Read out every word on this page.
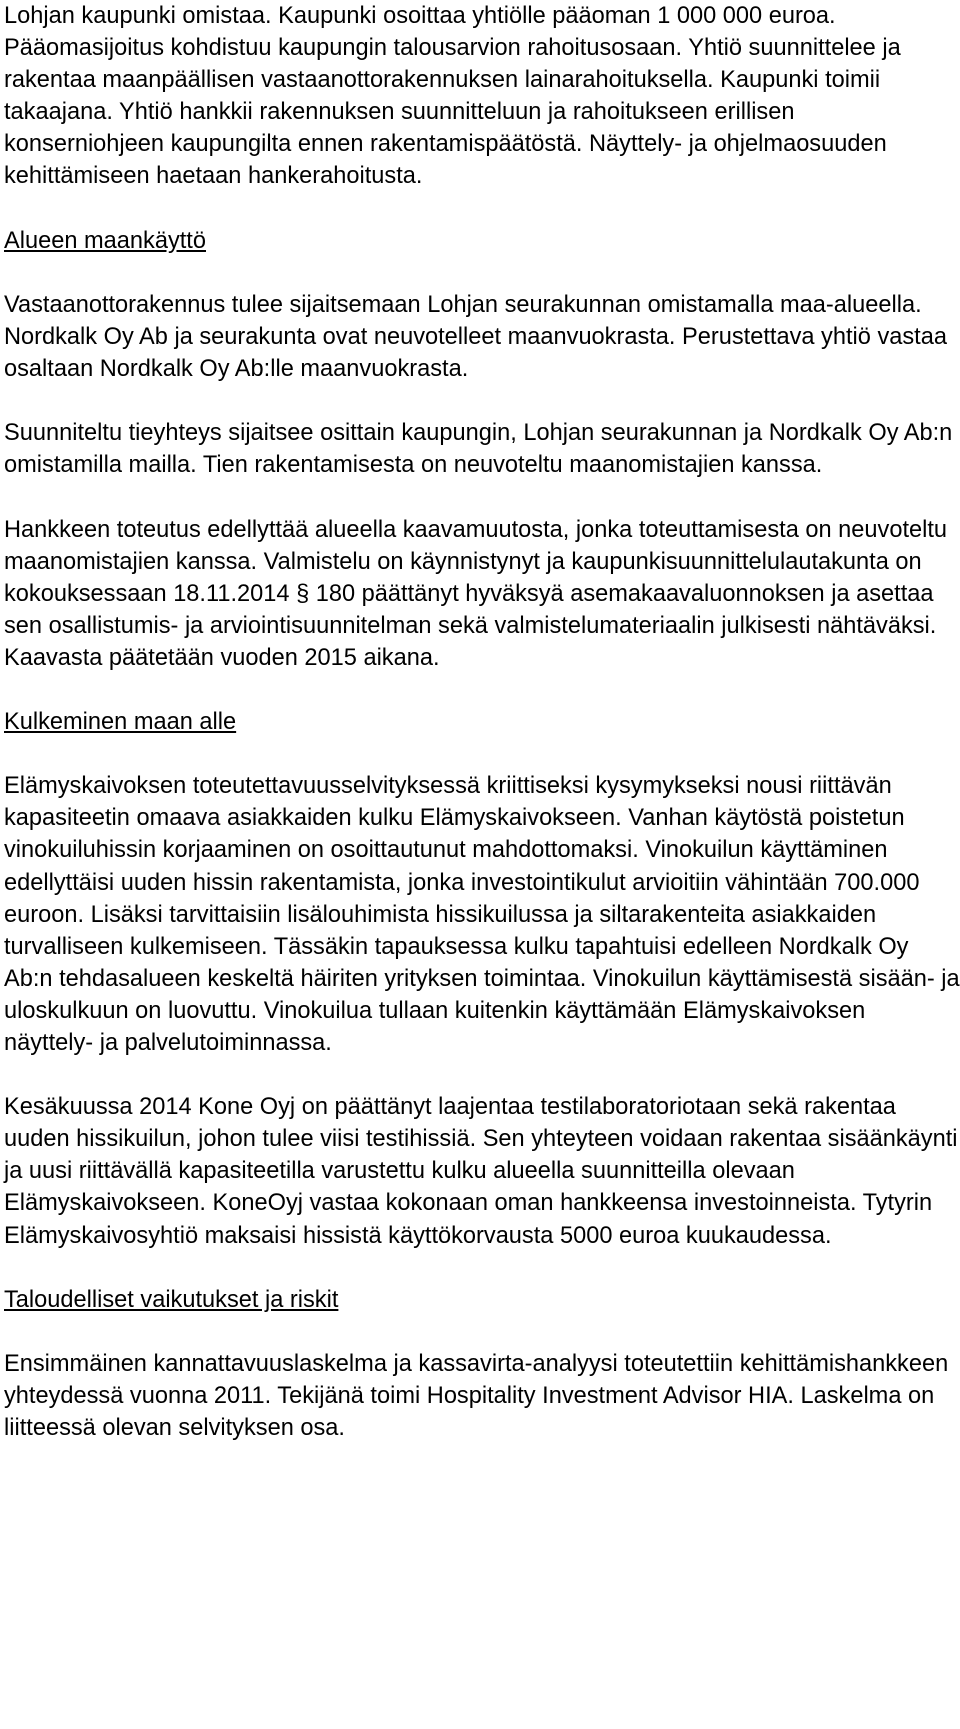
Lohjan kaupunki omistaa. Kaupunki osoittaa yhtiölle pääoman 1 000 000 euroa. Pääomasijoitus kohdistuu kaupungin talousarvion rahoitusosaan. Yhtiö suunnittelee ja rakentaa maanpäällisen vastaanottorakennuksen lainarahoituksella. Kaupunki toimii takaajana. Yhtiö hankkii rakennuksen suunnitteluun ja rahoitukseen erillisen konserniohjeen kaupungilta ennen rakentamispäätöstä. Näyttely- ja ohjelmaosuuden kehittämiseen haetaan hankerahoitusta.

Alueen maankäyttö

Vastaanottorakennus tulee sijaitsemaan Lohjan seurakunnan omistamalla maa-alueella. Nordkalk Oy Ab ja seurakunta ovat neuvotelleet maanvuokrasta. Perustettava yhtiö vastaa osaltaan Nordkalk Oy Ab:lle maanvuokrasta.

Suunniteltu tieyhteys sijaitsee osittain kaupungin, Lohjan seurakunnan ja Nordkalk Oy Ab:n omistamilla mailla. Tien rakentamisesta on neuvoteltu maanomistajien kanssa.

Hankkeen toteutus edellyttää alueella kaavamuutosta, jonka toteuttamisesta on neuvoteltu maanomistajien kanssa. Valmistelu on käynnistynyt ja kaupunkisuunnittelulautakunta on kokouksessaan 18.11.2014 § 180 päättänyt hyväksyä asemakaavaluonnoksen ja asettaa sen osallistumis- ja arviointisuunnitelman sekä valmistelumateriaalin julkisesti nähtäväksi. Kaavasta päätetään vuoden 2015 aikana.

Kulkeminen maan alle

Elämyskaivoksen toteutettavuusselvityksessä kriittiseksi kysymykseksi nousi riittävän kapasiteetin omaava asiakkaiden kulku Elämyskaivokseen. Vanhan käytöstä poistetun vinokuiluhissin korjaaminen on osoittautunut mahdottomaksi. Vinokuilun käyttäminen edellyttäisi uuden hissin rakentamista, jonka investointikulut arvioitiin vähintään 700.000 euroon. Lisäksi tarvittaisiin lisälouhimista hissikuilussa ja siltarakenteita asiakkaiden turvalliseen kulkemiseen. Tässäkin tapauksessa kulku tapahtuisi edelleen Nordkalk Oy Ab:n tehdasalueen keskeltä häiriten yrityksen toimintaa. Vinokuilun käyttämisestä sisään- ja uloskulkuun on luovuttu. Vinokuilua tullaan kuitenkin käyttämään Elämyskaivoksen näyttely- ja palvelutoiminnassa.

Kesäkuussa 2014 Kone Oyj on päättänyt laajentaa testilaboratoriotaan sekä rakentaa uuden hissikuilun, johon tulee viisi testihissiä. Sen yhteyteen voidaan rakentaa sisäänkäynti ja uusi riittävällä kapasiteetilla varustettu kulku alueella suunnitteilla olevaan Elämyskaivokseen. KoneOyj vastaa kokonaan oman hankkeensa investoinneista. Tytyrin Elämyskaivosyhtiö maksaisi hissistä käyttökorvausta 5000 euroa kuukaudessa.

Taloudelliset vaikutukset ja riskit

Ensimmäinen kannattavuuslaskelma ja kassavirta-analyysi toteutettiin kehittämishankkeen yhteydessä vuonna 2011. Tekijänä toimi Hospitality Investment Advisor HIA. Laskelma on liitteessä olevan selvityksen osa.
